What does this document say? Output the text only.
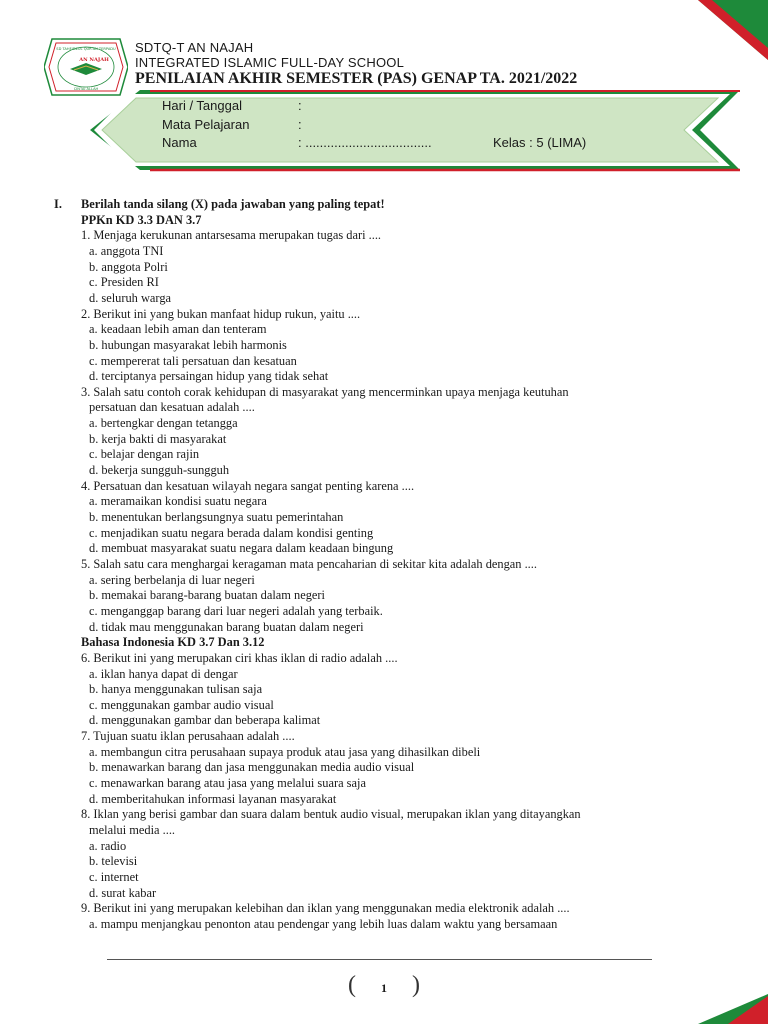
SD TAHFIDZUL QUR'AN TERPADU
AN NAJAH
CINTAI ALLAH
SDTQ-T AN NAJAH
INTEGRATED ISLAMIC FULL-DAY SCHOOL
PENILAIAN AKHIR SEMESTER (PAS) GENAP TA. 2021/2022
Hari / Tanggal	:
Mata Pelajaran	:
Nama	: ...................................	Kelas : 5 (LIMA)
I. Berilah tanda silang (X) pada jawaban yang paling tepat!
PPKn KD 3.3 DAN 3.7
1. Menjaga kerukunan antarsesama merupakan tugas dari ....
a. anggota TNI
b. anggota Polri
c. Presiden RI
d. seluruh warga
2. Berikut ini yang bukan manfaat hidup rukun, yaitu ....
a. keadaan lebih aman dan tenteram
b. hubungan masyarakat lebih harmonis
c. mempererat tali persatuan dan kesatuan
d. terciptanya persaingan hidup yang tidak sehat
3. Salah satu contoh corak kehidupan di masyarakat yang mencerminkan upaya menjaga keutuhan
persatuan dan kesatuan adalah ....
a. bertengkar dengan tetangga
b. kerja bakti di masyarakat
c. belajar dengan rajin
d. bekerja sungguh-sungguh
4. Persatuan dan kesatuan wilayah negara sangat penting karena ....
a. meramaikan kondisi suatu negara
b. menentukan berlangsungnya suatu pemerintahan
c. menjadikan suatu negara berada dalam kondisi genting
d. membuat masyarakat suatu negara dalam keadaan bingung
5. Salah satu cara menghargai keragaman mata pencaharian di sekitar kita adalah dengan ....
a. sering berbelanja di luar negeri
b. memakai barang-barang buatan dalam negeri
c. menganggap barang dari luar negeri adalah yang terbaik.
d. tidak mau menggunakan barang buatan dalam negeri
Bahasa Indonesia KD 3.7 Dan 3.12
6. Berikut ini yang merupakan ciri khas iklan di radio adalah ....
a. iklan hanya dapat di dengar
b. hanya menggunakan tulisan saja
c. menggunakan gambar audio visual
d. menggunakan gambar dan beberapa kalimat
7. Tujuan suatu iklan perusahaan adalah ....
a. membangun citra perusahaan supaya produk atau jasa yang dihasilkan dibeli
b. menawarkan barang dan jasa menggunakan media audio visual
c. menawarkan barang atau jasa yang melalui suara saja
d. memberitahukan informasi layanan masyarakat
8. Iklan yang berisi gambar dan suara dalam bentuk audio visual, merupakan iklan yang ditayangkan
melalui media ....
a. radio
b. televisi
c. internet
d. surat kabar
9. Berikut ini yang merupakan kelebihan dan iklan yang menggunakan media elektronik adalah ....
a. mampu menjangkau penonton atau pendengar yang lebih luas dalam waktu yang bersamaan
(	1	)
